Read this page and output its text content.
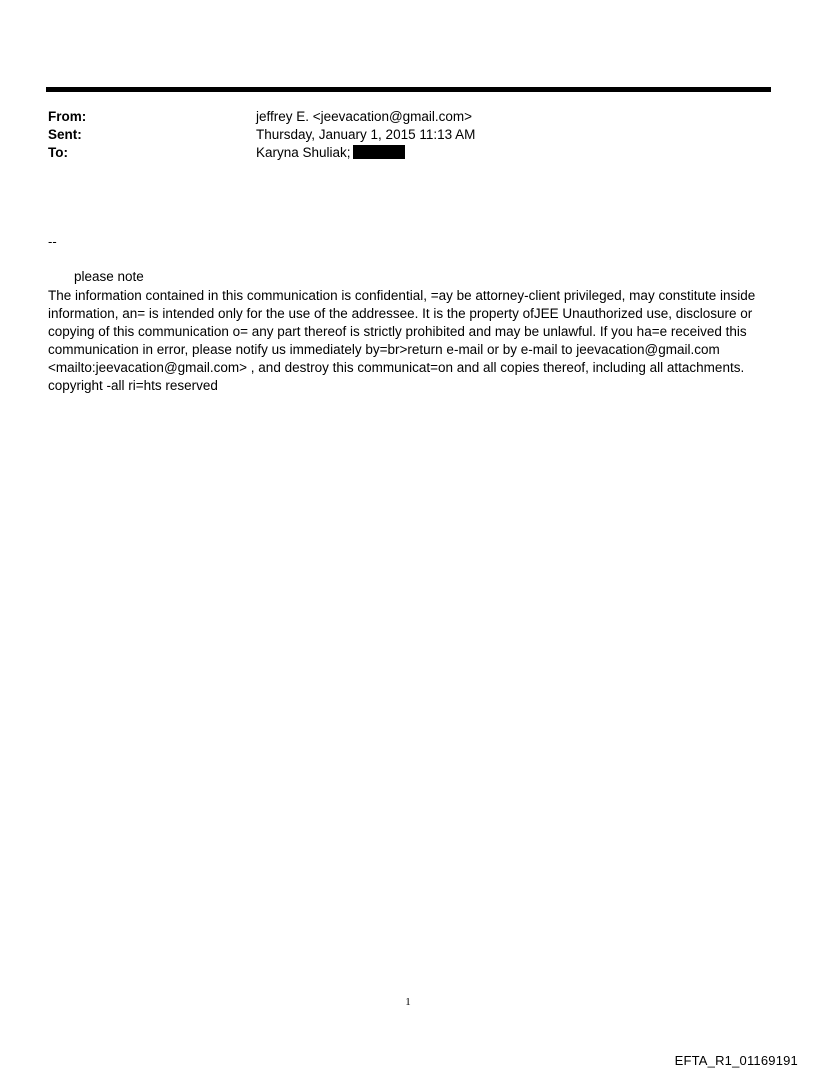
From:	jeffrey E. <jeevacation@gmail.com>
Sent:	Thursday, January 1, 2015 11:13 AM
To:	Karyna Shuliak;
--
please note

The information contained in this communication is confidential, =ay be attorney-client privileged, may constitute inside

information, an= is intended only for the use of the addressee. It is the property ofJEE Unauthorized use, disclosure or

copying of this communication o= any part thereof is strictly prohibited and may be unlawful. If you ha=e received this

communication in error, please notify us immediately by=br>return e-mail or by e-mail to jeevacation@gmail.com

<mailto:jeevacation@gmail.com> , and destroy this communicat=on and all copies thereof, including all attachments.

copyright -all ri=hts reserved

1
EFTA_R1_01169191
